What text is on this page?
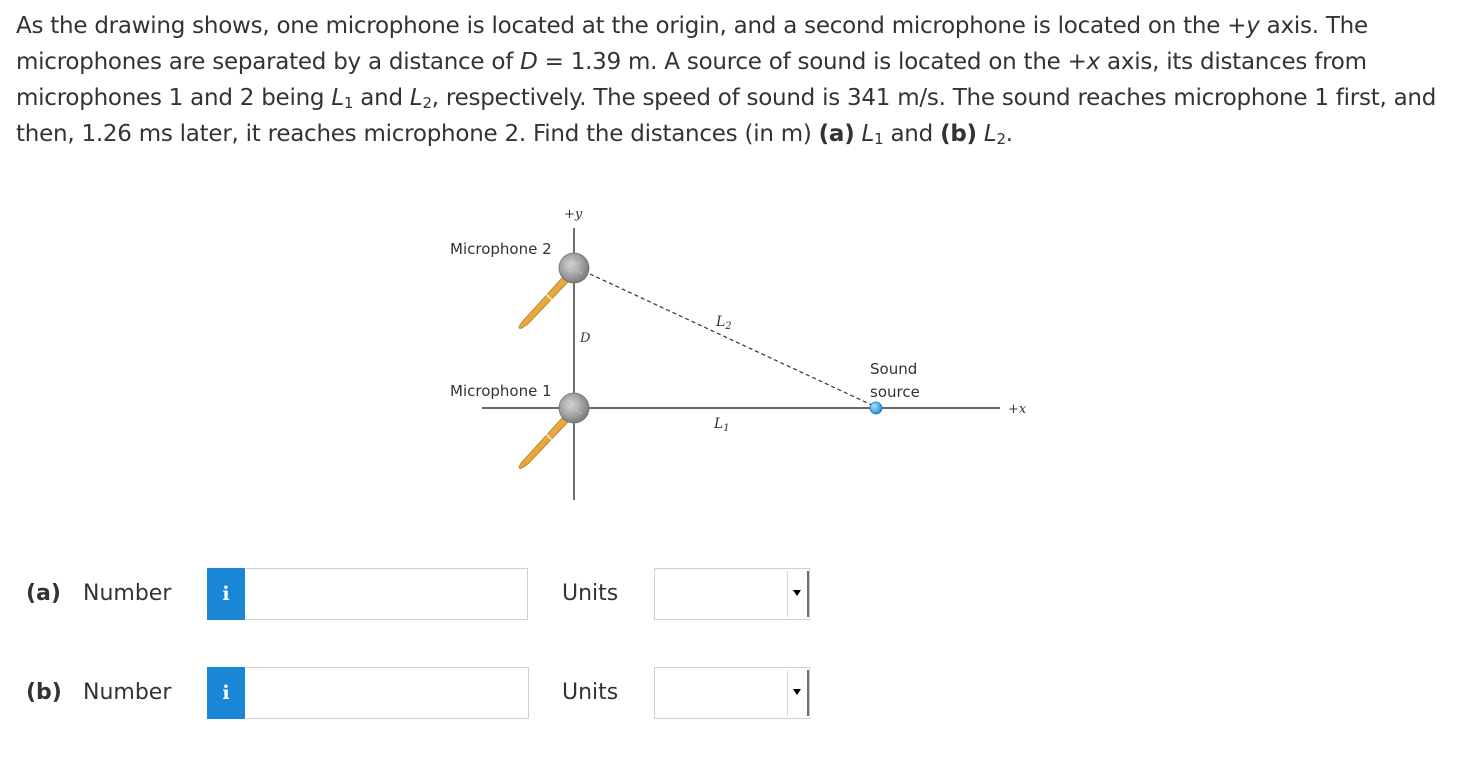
As the drawing shows, one microphone is located at the origin, and a second microphone is located on the +y axis. The microphones are separated by a distance of D = 1.39 m. A source of sound is located on the +x axis, its distances from microphones 1 and 2 being $L_1$ and $L_2$, respectively. The speed of sound is 341 m/s. The sound reaches microphone 1 first, and then, 1.26 ms later, it reaches microphone 2. Find the distances (in m) (a) $L_1$ and (b) $L_2$.
+y
+x
$L_2$
D
$L_1$
Microphone 2
Microphone 1
Sound
source
(a) Number	i	Units
(b) Number	i	Units
